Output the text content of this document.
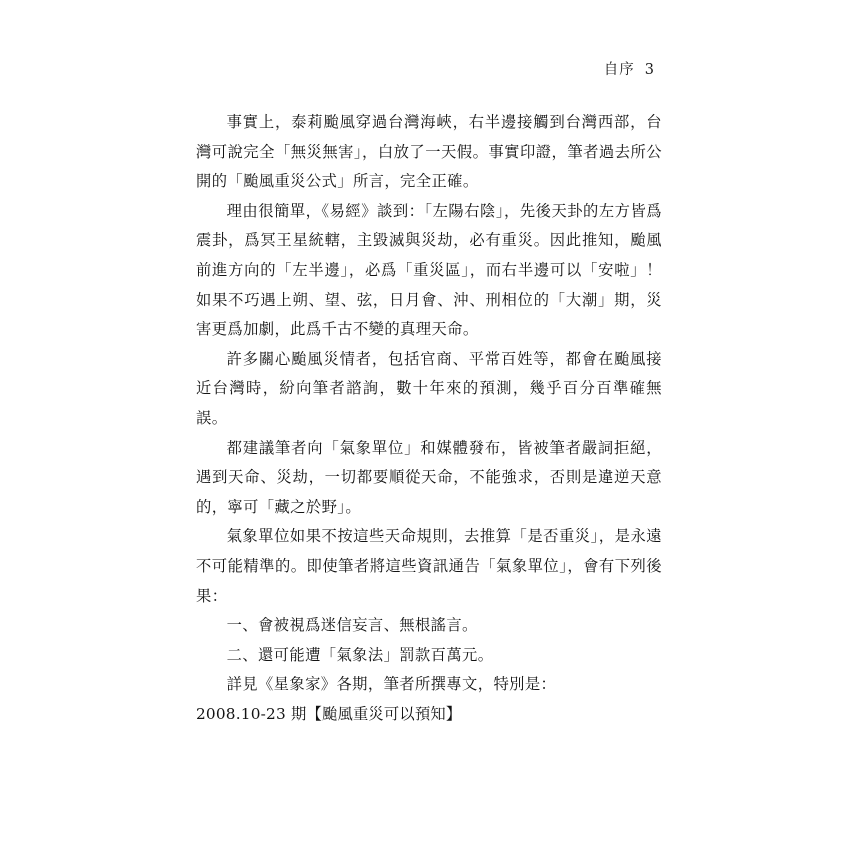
自序 3

事實上，泰莉颱風穿過台灣海峽，右半邊接觸到台灣西部，台灣可說完全「無災無害」，白放了一天假。事實印證，筆者過去所公開的「颱風重災公式」所言，完全正確。

理由很簡單，《易經》談到：「左陽右陰」，先後天卦的左方皆爲震卦，爲冥王星統轄，主毀滅與災劫，必有重災。因此推知，颱風前進方向的「左半邊」，必爲「重災區」，而右半邊可以「安啦」！如果不巧遇上朔、望、弦，日月會、沖、刑相位的「大潮」期，災害更爲加劇，此爲千古不變的真理天命。

許多關心颱風災情者，包括官商、平常百姓等，都會在颱風接近台灣時，紛向筆者諮詢，數十年來的預測，幾乎百分百準確無誤。

都建議筆者向「氣象單位」和媒體發布，皆被筆者嚴詞拒絕，遇到天命、災劫，一切都要順從天命，不能強求，否則是違逆天意的，寧可「藏之於野」。

氣象單位如果不按這些天命規則，去推算「是否重災」，是永遠不可能精準的。即使筆者將這些資訊通告「氣象單位」，會有下列後果：

一、會被視爲迷信妄言、無根謠言。

二、還可能遭「氣象法」罰款百萬元。

詳見《星象家》各期，筆者所撰專文，特別是：

2008.10-23 期【颱風重災可以預知】
